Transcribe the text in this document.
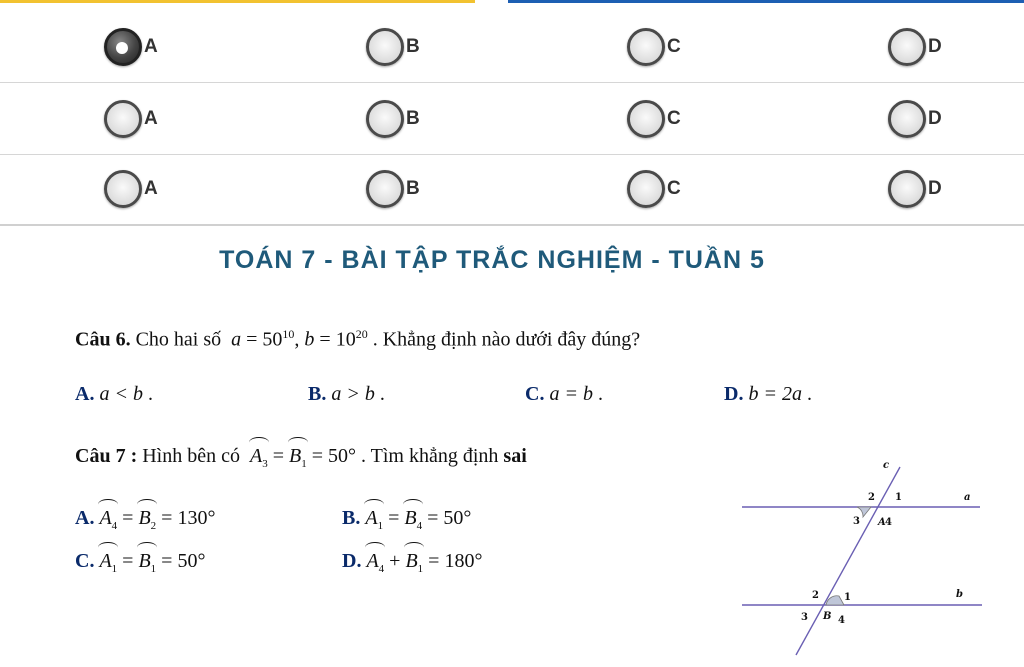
A	B	C	D
A	B	C	D
A	B	C	D
TOÁN 7 - BÀI TẬP TRẮC NGHIỆM - TUẦN 5
Câu 6. Cho hai số $a = 50^{10}$, $b = 10^{20}$ . Khẳng định nào dưới đây đúng?
A. a < b .	B. a > b .	C. a = b .	D. b = 2a .
Câu 7 : Hình bên có $A_3 = B_1 = 50^\circ$ . Tìm khẳng định sai
A. $A_4 = B_2 = 130^\circ$	B. $A_1 = B_4 = 50^\circ$
C. $A_1 = B_1 = 50^\circ$	D. $A_4 + B_1 = 180^\circ$
c
a
b
A
B
1
2
3	4
1
2
3	4
